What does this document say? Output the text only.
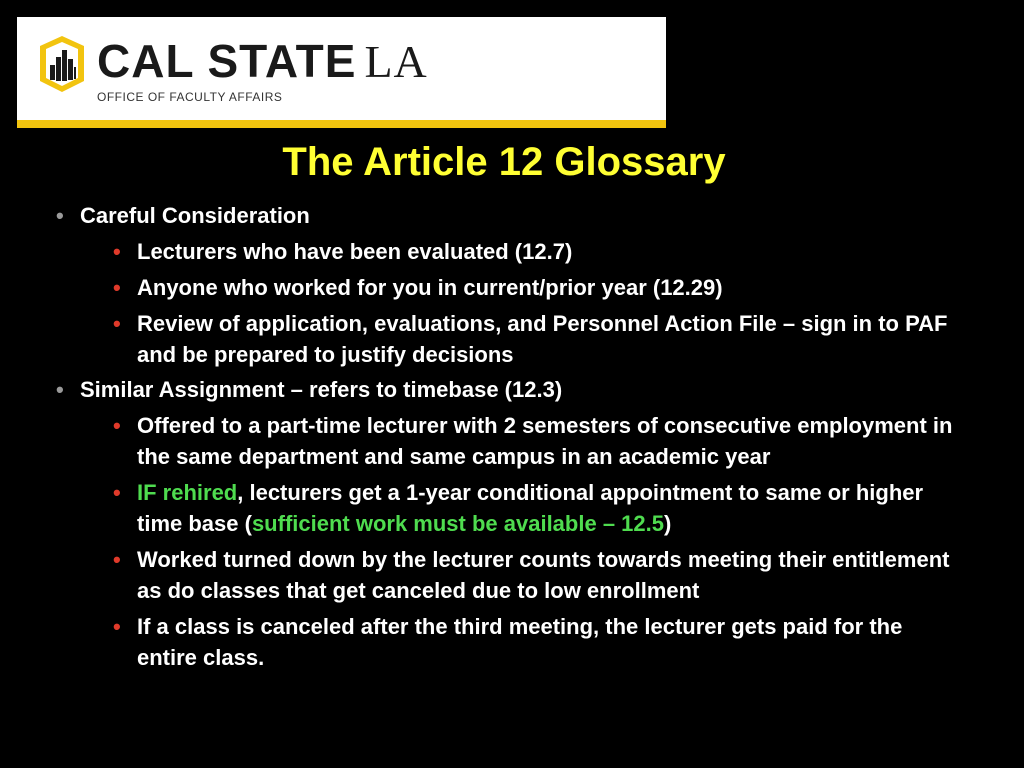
CAL STATE LA
OFFICE OF FACULTY AFFAIRS
The Article 12 Glossary
• Careful Consideration
• Lecturers who have been evaluated (12.7)
• Anyone who worked for you in current/prior year (12.29)
• Review of application, evaluations, and Personnel Action File – sign in to PAF and be prepared to justify decisions
• Similar Assignment – refers to timebase (12.3)
• Offered to a part-time lecturer with 2 semesters of consecutive employment in the same department and same campus in an academic year
• IF rehired, lecturers get a 1-year conditional appointment to same or higher time base (sufficient work must be available – 12.5)
• Worked turned down by the lecturer counts towards meeting their entitlement as do classes that get canceled due to low enrollment
• If a class is canceled after the third meeting, the lecturer gets paid for the entire class.
